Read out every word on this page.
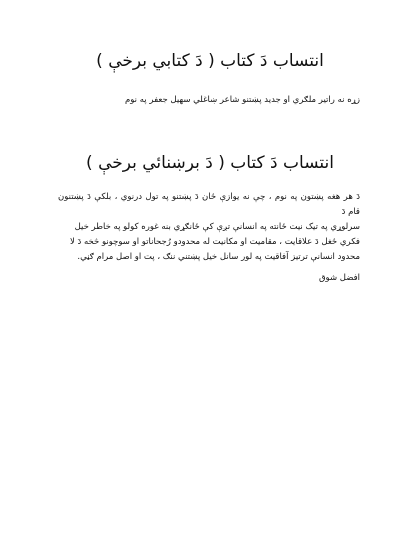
انتساب دَ کتاب ( دَ کتابي برخې )

زړه نه راتیر ملګري او جدید پښتنو شاعر ښاغلي سهیل جعفر په نوم

انتساب دَ کتاب ( دَ برښنائي برخې )

دَ هر هغه پښتون په نوم ، چې نه یوازې ځان دَ پښتنو په تول درنوي ، بلکې دَ پښتنون قام دَ
سرلوړي په تیک نیت ځانته په انسانې تږې کې ځانګړي بنه غوره کولو په خاطر خیل
فکري ځغل دَ علاقایت ، مقامیت او مکانیت له محدودو رُجحاناتو او سوچونو څخه دَ لا
محدود انسانې ترتیز آفاقیت په لور سانل خیل پښتني ننګ ، پت او اصل مرام ګڼي.

افضل شوق
